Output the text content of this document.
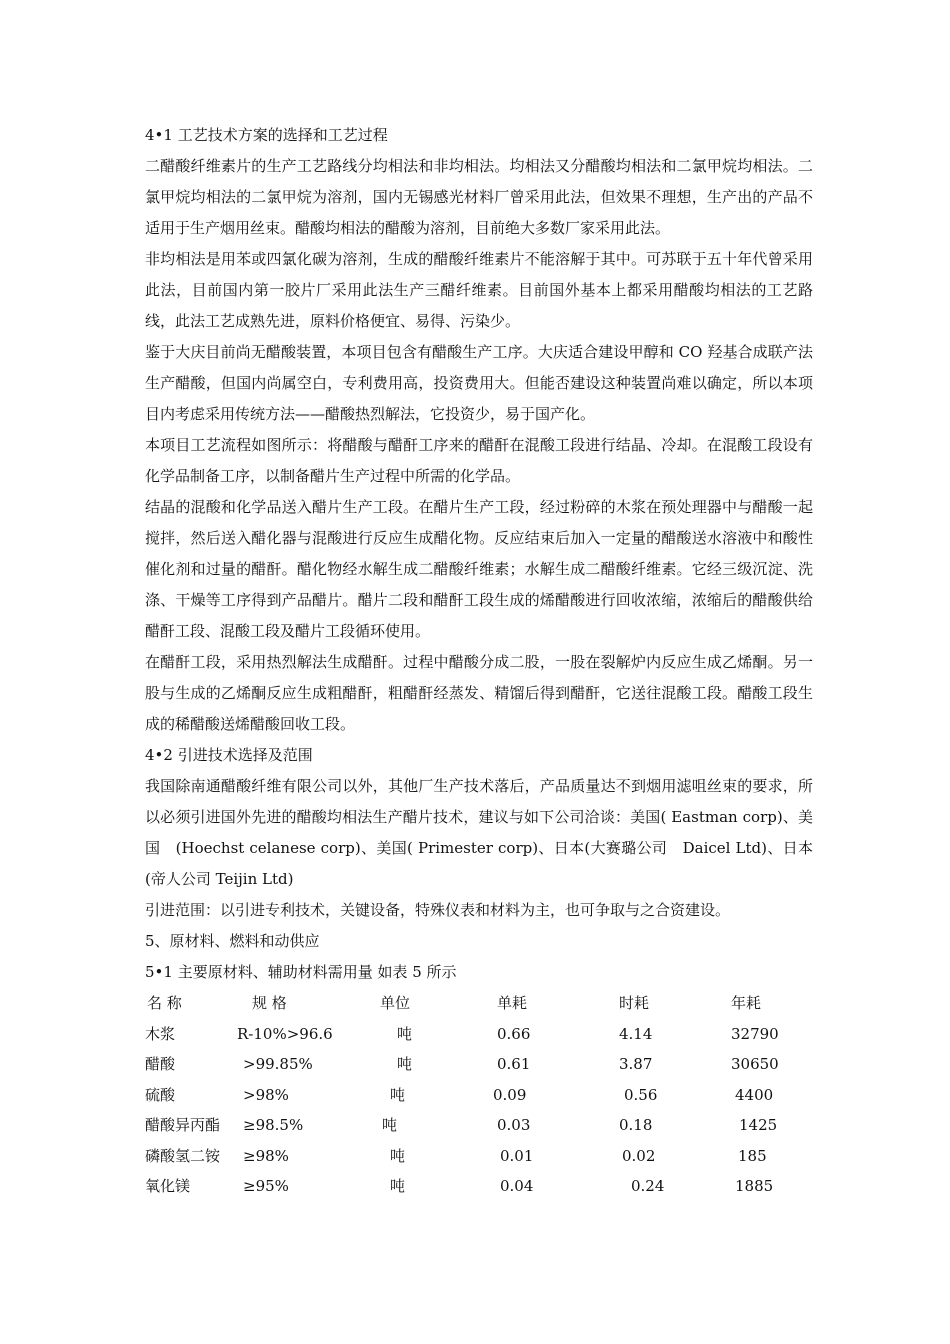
4•1 工艺技术方案的选择和工艺过程

二醋酸纤维素片的生产工艺路线分均相法和非均相法。均相法又分醋酸均相法和二氯甲烷均相法。二氯甲烷均相法的二氯甲烷为溶剂，国内无锡感光材料厂曾采用此法，但效果不理想，生产出的产品不适用于生产烟用丝束。醋酸均相法的醋酸为溶剂，目前绝大多数厂家采用此法。

非均相法是用苯或四氯化碳为溶剂，生成的醋酸纤维素片不能溶解于其中。可苏联于五十年代曾采用此法，目前国内第一胶片厂采用此法生产三醋纤维素。目前国外基本上都采用醋酸均相法的工艺路线，此法工艺成熟先进，原料价格便宜、易得、污染少。

鉴于大庆目前尚无醋酸装置，本项目包含有醋酸生产工序。大庆适合建设甲醇和 CO 羟基合成联产法生产醋酸，但国内尚属空白，专利费用高，投资费用大。但能否建设这种装置尚难以确定，所以本项目内考虑采用传统方法——醋酸热烈解法，它投资少，易于国产化。

本项目工艺流程如图所示：将醋酸与醋酐工序来的醋酐在混酸工段进行结晶、冷却。在混酸工段设有化学品制备工序，以制备醋片生产过程中所需的化学品。

结晶的混酸和化学品送入醋片生产工段。在醋片生产工段，经过粉碎的木浆在预处理器中与醋酸一起搅拌，然后送入醋化器与混酸进行反应生成醋化物。反应结束后加入一定量的醋酸送水溶液中和酸性催化剂和过量的醋酐。醋化物经水解生成二醋酸纤维素；水解生成二醋酸纤维素。它经三级沉淀、洗涤、干燥等工序得到产品醋片。醋片二段和醋酐工段生成的烯醋酸进行回收浓缩，浓缩后的醋酸供给醋酐工段、混酸工段及醋片工段循环使用。

在醋酐工段，采用热烈解法生成醋酐。过程中醋酸分成二股，一股在裂解炉内反应生成乙烯酮。另一股与生成的乙烯酮反应生成粗醋酐，粗醋酐经蒸发、精馏后得到醋酐，它送往混酸工段。醋酸工段生成的稀醋酸送烯醋酸回收工段。

4•2 引进技术选择及范围

我国除南通醋酸纤维有限公司以外，其他厂生产技术落后，产品质量达不到烟用滤咀丝束的要求，所以必须引进国外先进的醋酸均相法生产醋片技术，建议与如下公司洽谈：美国( Eastman corp)、美国　(Hoechst celanese corp)、美国( Primester corp)、日本(大赛璐公司　Daicel Ltd)、日本(帝人公司 Teijin Ltd)

引进范围：以引进专利技术，关键设备，特殊仪表和材料为主，也可争取与之合资建设。

5、原材料、燃料和动供应

5•1 主要原材料、辅助材料需用量 如表 5 所示

名 称	规 格	单位	单耗	时耗	年耗
木浆	R-10%>96.6	吨	0.66	4.14	32790
醋酸	>99.85%	吨	0.61	3.87	30650
硫酸	>98%	吨	0.09	0.56	4400
醋酸异丙酯 ≥98.5%	吨	0.03	0.18	1425
磷酸氢二铵 ≥98%	吨	0.01	0.02	185
氧化镁	≥95%	吨	0.04	0.24	1885
